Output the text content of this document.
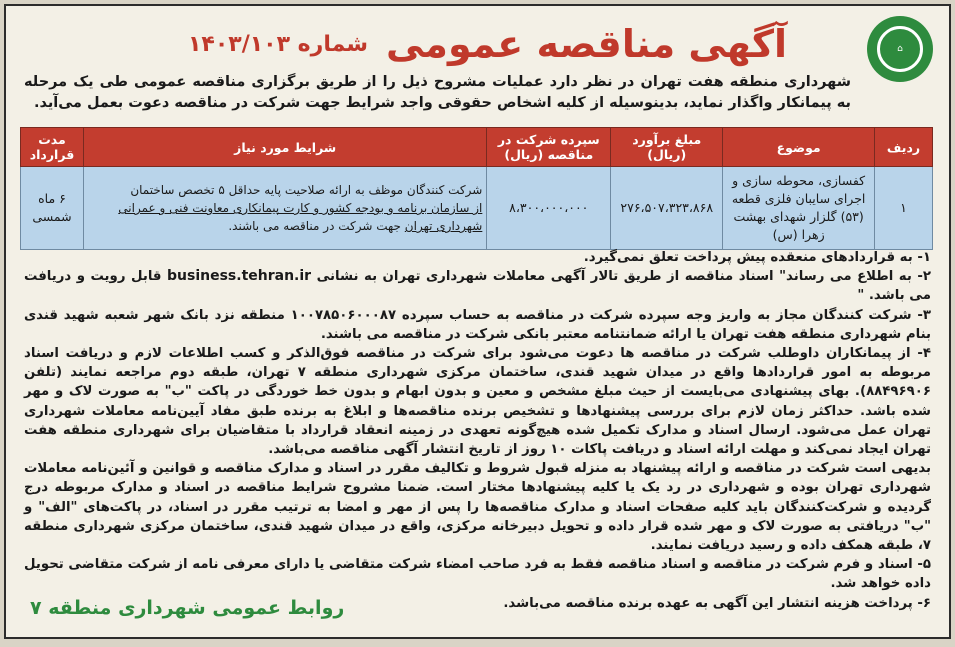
⌂
آگهی مناقصه عمومی
شماره ۱۴۰۳/۱۰۳
شهرداری منطقه هفت تهران در نظر دارد عملیات مشروح ذیل را از طریق برگزاری مناقصه عمومی طی یک مرحله به پیمانکار واگذار نماید، بدینوسیله از کلیه اشخاص حقوقی واجد شرایط جهت شرکت در مناقصه دعوت بعمل می‌آید.
ردیف	موضوع	مبلغ برآورد (ریال)	سپرده شرکت در مناقصه (ریال)	شرایط مورد نیاز	مدت قرارداد
۱	کفسازی، محوطه سازی و اجرای سایبان فلزی قطعه (۵۳) گلزار شهدای بهشت زهرا (س)	۲۷۶،۵۰۷،۳۲۳،۸۶۸	۸،۳۰۰،۰۰۰،۰۰۰	شرکت کنندگان موظف به ارائه صلاحیت پایه حداقل ۵ تخصص ساختمان
از سازمان برنامه و بودجه کشور و کارت پیمانکاری معاونت فنی و عمرانی
شهرداری تهران جهت شرکت در مناقصه می باشند.	۶ ماه شمسی

۱- به قراردادهای منعقده پیش پرداخت تعلق نمی‌گیرد.

۲- به اطلاع می رساند" اسناد مناقصه از طریق تالار آگهی معاملات شهرداری تهران به نشانی business.tehran.ir قابل رویت و دریافت می باشد. "

۳- شرکت کنندگان مجاز به واریز وجه سپرده شرکت در مناقصه به حساب سپرده ۱۰۰۷۸۵۰۶۰۰۰۸۷ منطقه نزد بانک شهر شعبه شهید قندی بنام شهرداری منطقه هفت تهران یا ارائه ضمانتنامه معتبر بانکی شرکت در مناقصه می باشند.

۴- از پیمانکاران داوطلب شرکت در مناقصه ها دعوت می‌شود برای شرکت در مناقصه فوق‌الذکر و کسب اطلاعات لازم و دریافت اسناد مربوطه به امور قراردادها واقع در میدان شهید قندی، ساختمان مرکزی شهرداری منطقه ۷ تهران، طبقه دوم مراجعه نمایند (تلفن ۸۸۴۹۶۹۰۶). بهای پیشنهادی می‌بایست از حیث مبلغ مشخص و معین و بدون ابهام و بدون خط خوردگی در پاکت "ب" به صورت لاک و مهر شده باشد. حداکثر زمان لازم برای بررسی پیشنهادها و تشخیص برنده مناقصه‌ها و ابلاغ به برنده طبق مفاد آیین‌نامه معاملات شهرداری تهران عمل می‌شود. ارسال اسناد و مدارک تکمیل شده هیچ‌گونه تعهدی در زمینه انعقاد قرارداد با متقاضیان برای شهرداری منطقه هفت تهران ایجاد نمی‌کند و مهلت ارائه اسناد و دریافت پاکات ۱۰ روز از تاریخ انتشار آگهی مناقصه می‌باشد.

بدیهی است شرکت در مناقصه و ارائه پیشنهاد به منزله قبول شروط و تکالیف مقرر در اسناد و مدارک مناقصه و قوانین و آئین‌نامه معاملات شهرداری تهران بوده و شهرداری در رد یک یا کلیه پیشنهادها مختار است. ضمنا مشروح شرایط مناقصه در اسناد و مدارک مربوطه درج گردیده و شرکت‌کنندگان باید کلیه صفحات اسناد و مدارک مناقصه‌ها را پس از مهر و امضا به ترتیب مقرر در اسناد، در پاکت‌های "الف" و "ب" دریافتی به صورت لاک و مهر شده قرار داده و تحویل دبیرخانه مرکزی، واقع در میدان شهید قندی، ساختمان مرکزی شهرداری منطقه ۷، طبقه همکف داده و رسید دریافت نمایند.

۵- اسناد و فرم شرکت در مناقصه و اسناد مناقصه فقط به فرد صاحب امضاء شرکت متقاضی یا دارای معرفی نامه از شرکت متقاضی تحویل داده خواهد شد.

۶- پرداخت هزینه انتشار این آگهی به عهده برنده مناقصه می‌باشد.

روابط عمومی شهرداری منطقه ۷
